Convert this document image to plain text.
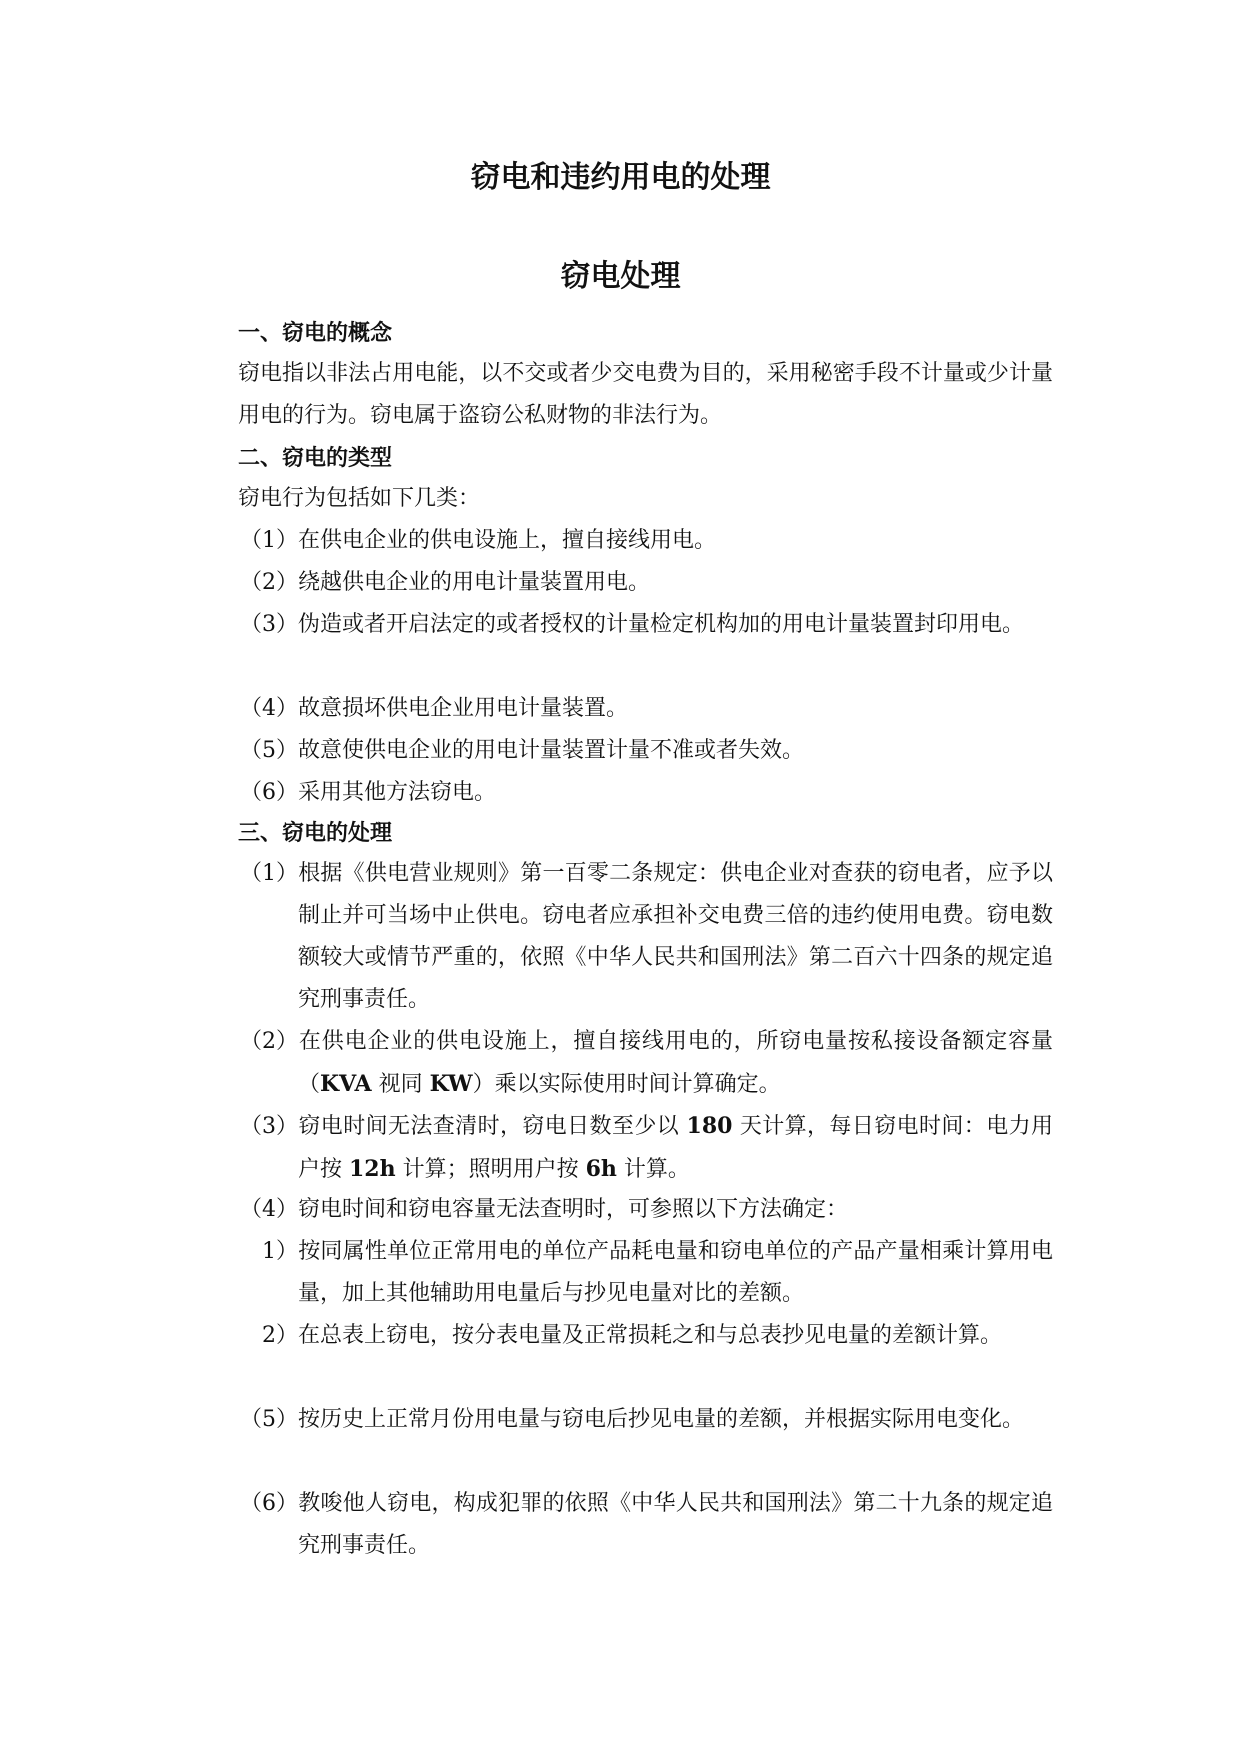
窃电和违约用电的处理
窃电处理
一、窃电的概念
窃电指以非法占用电能，以不交或者少交电费为目的，采用秘密手段不计量或少计量用电的行为。窃电属于盗窃公私财物的非法行为。
二、窃电的类型
窃电行为包括如下几类：
（1）在供电企业的供电设施上，擅自接线用电。
（2）绕越供电企业的用电计量装置用电。
（3）伪造或者开启法定的或者授权的计量检定机构加的用电计量装置封印用电。
（4）故意损坏供电企业用电计量装置。
（5）故意使供电企业的用电计量装置计量不准或者失效。
（6）采用其他方法窃电。
三、窃电的处理
（1）根据《供电营业规则》第一百零二条规定：供电企业对查获的窃电者，应予以制止并可当场中止供电。窃电者应承担补交电费三倍的违约使用电费。窃电数额较大或情节严重的，依照《中华人民共和国刑法》第二百六十四条的规定追究刑事责任。
（2）在供电企业的供电设施上，擅自接线用电的，所窃电量按私接设备额定容量（KVA 视同 KW）乘以实际使用时间计算确定。
（3）窃电时间无法查清时，窃电日数至少以 180 天计算，每日窃电时间：电力用户按 12h 计算；照明用户按 6h 计算。
（4）窃电时间和窃电容量无法查明时，可参照以下方法确定：
1）按同属性单位正常用电的单位产品耗电量和窃电单位的产品产量相乘计算用电量，加上其他辅助用电量后与抄见电量对比的差额。
2）在总表上窃电，按分表电量及正常损耗之和与总表抄见电量的差额计算。
（5）按历史上正常月份用电量与窃电后抄见电量的差额，并根据实际用电变化。
（6）教唆他人窃电，构成犯罪的依照《中华人民共和国刑法》第二十九条的规定追究刑事责任。
